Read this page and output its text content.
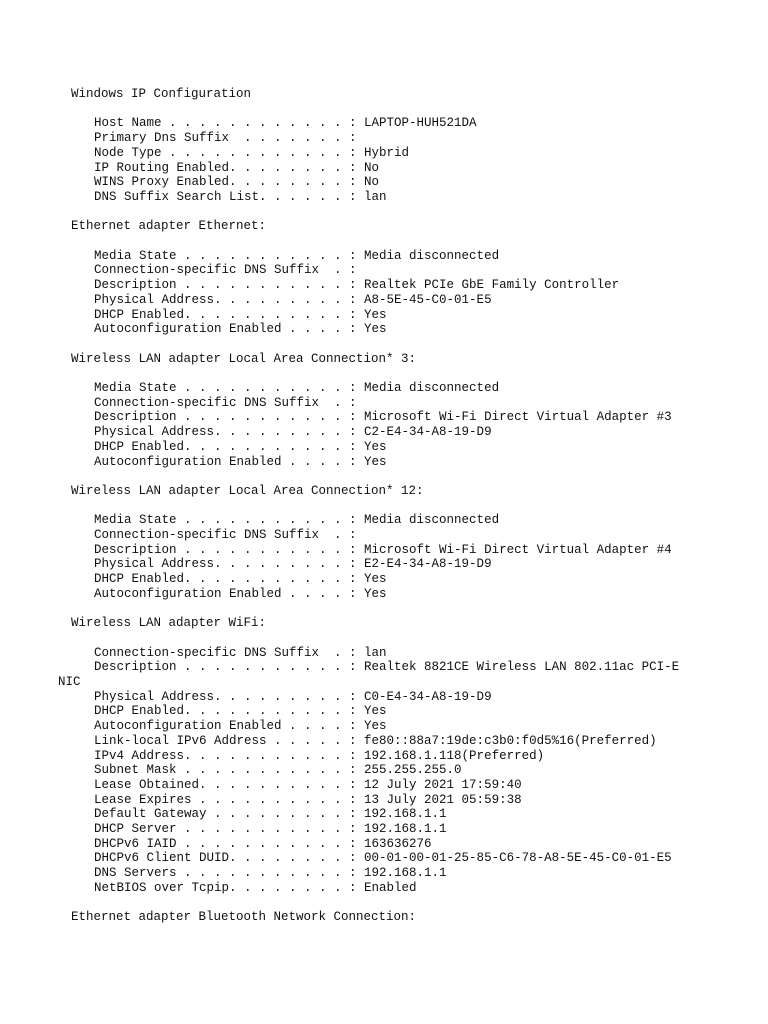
Windows IP Configuration
Host Name . . . . . . . . . . . . : LAPTOP-HUH521DA
Primary Dns Suffix  . . . . . . . :
Node Type . . . . . . . . . . . . : Hybrid
IP Routing Enabled. . . . . . . . : No
WINS Proxy Enabled. . . . . . . . : No
DNS Suffix Search List. . . . . . : lan
Ethernet adapter Ethernet:
Media State . . . . . . . . . . . : Media disconnected
Connection-specific DNS Suffix  . :
Description . . . . . . . . . . . : Realtek PCIe GbE Family Controller
Physical Address. . . . . . . . . : A8-5E-45-C0-01-E5
DHCP Enabled. . . . . . . . . . . : Yes
Autoconfiguration Enabled . . . . : Yes
Wireless LAN adapter Local Area Connection* 3:
Media State . . . . . . . . . . . : Media disconnected
Connection-specific DNS Suffix  . :
Description . . . . . . . . . . . : Microsoft Wi-Fi Direct Virtual Adapter #3
Physical Address. . . . . . . . . : C2-E4-34-A8-19-D9
DHCP Enabled. . . . . . . . . . . : Yes
Autoconfiguration Enabled . . . . : Yes
Wireless LAN adapter Local Area Connection* 12:
Media State . . . . . . . . . . . : Media disconnected
Connection-specific DNS Suffix  . :
Description . . . . . . . . . . . : Microsoft Wi-Fi Direct Virtual Adapter #4
Physical Address. . . . . . . . . : E2-E4-34-A8-19-D9
DHCP Enabled. . . . . . . . . . . : Yes
Autoconfiguration Enabled . . . . : Yes
Wireless LAN adapter WiFi:
Connection-specific DNS Suffix  . : lan
Description . . . . . . . . . . . : Realtek 8821CE Wireless LAN 802.11ac PCI-E
NIC
Physical Address. . . . . . . . . : C0-E4-34-A8-19-D9
DHCP Enabled. . . . . . . . . . . : Yes
Autoconfiguration Enabled . . . . : Yes
Link-local IPv6 Address . . . . . : fe80::88a7:19de:c3b0:f0d5%16(Preferred)
IPv4 Address. . . . . . . . . . . : 192.168.1.118(Preferred)
Subnet Mask . . . . . . . . . . . : 255.255.255.0
Lease Obtained. . . . . . . . . . : 12 July 2021 17:59:40
Lease Expires . . . . . . . . . . : 13 July 2021 05:59:38
Default Gateway . . . . . . . . . : 192.168.1.1
DHCP Server . . . . . . . . . . . : 192.168.1.1
DHCPv6 IAID . . . . . . . . . . . : 163636276
DHCPv6 Client DUID. . . . . . . . : 00-01-00-01-25-85-C6-78-A8-5E-45-C0-01-E5
DNS Servers . . . . . . . . . . . : 192.168.1.1
NetBIOS over Tcpip. . . . . . . . : Enabled
Ethernet adapter Bluetooth Network Connection:
